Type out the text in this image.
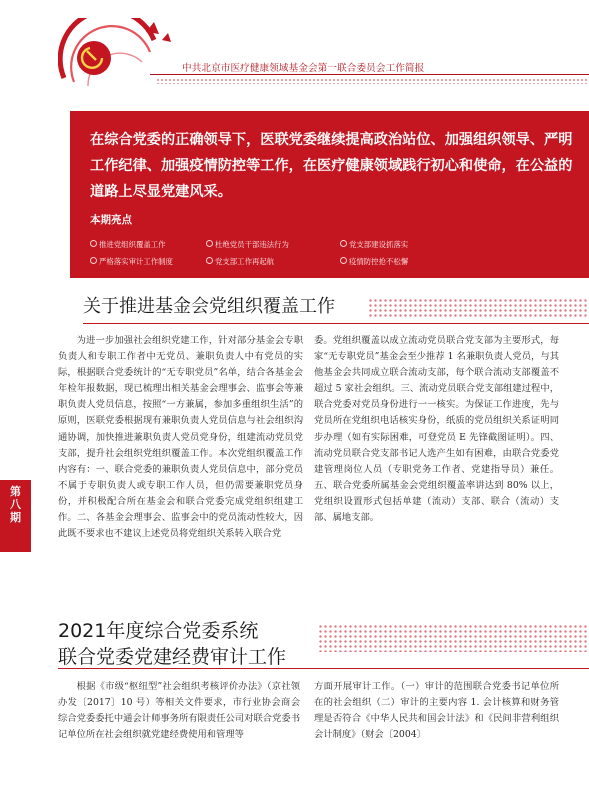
中共北京市医疗健康领域基金会第一联合委员会工作简报
在综合党委的正确领导下，医联党委继续提高政治站位、加强组织领导、严明工作纪律、加强疫情防控等工作，在医疗健康领域践行初心和使命，在公益的道路上尽显党建风采。
本期亮点
推进党组织覆盖工作	杜绝党员干部违法行为	党支部建设抓落实
严格落实审计工作制度	党支部工作再起航	疫情防控抢不松懈
关于推进基金会党组织覆盖工作

为进一步加强社会组织党建工作，针对部分基金会专职负责人和专职工作者中无党员、兼职负责人中有党员的实际，根据联合党委统计的“无专职党员”名单，结合各基金会年检年报数据，现已梳理出相关基金会理事会、监事会等兼职负责人党员信息，按照“一方兼属，参加多重组织生活”的原则，医联党委根据现有兼职负责人党员信息与社会组织沟通协调，加快推进兼职负责人党员党身份，组建流动党员党支部，提升社会组织党组织覆盖工作。本次党组织覆盖工作内容有：一、联合党委的兼职负责人党员信息中，部分党员不属于专职负责人或专职工作人员，但仍需要兼职党员身份，并积极配合所在基金会和联合党委完成党组织组建工作。二、各基金会理事会、监事会中的党员流动性较大，因此既不要求也不建议上述党员将党组织关系转入联合党

委。党组织覆盖以成立流动党员联合党支部为主要形式，每家“无专职党员”基金会至少推荐 1 名兼职负责人党员，与其他基金会共同成立联合流动支部，每个联合流动支部覆盖不超过 5 家社会组织。三、流动党员联合党支部组建过程中，联合党委对党员身份进行一一核实。为保证工作进度，先与党员所在党组织电话核实身份，纸质的党员组织关系证明同步办理（如有实际困难，可登党员 E 先锋截图证明）。四、流动党员联合党支部书记人选产生如有困难，由联合党委党建管理岗位人员（专职党务工作者、党建指导员）兼任。五、联合党委所属基金会党组织覆盖率讲达到 80% 以上，党组织设置形式包括单建（流动）支部、联合（流动）支部、属地支部。

第八期
2021年度综合党委系统
联合党委党建经费审计工作

根据《市级“枢纽型”社会组织考核评价办法》（京社领办发〔2017〕10 号）等相关文件要求，市行业协会商会综合党委委托中通会计师事务所有限责任公司对联合党委书记单位所在社会组织就党建经费使用和管理等

方面开展审计工作。（一）审计的范围联合党委书记单位所在的社会组织（二）审计的主要内容 1. 会计核算和财务管理是否符合《中华人民共和国会计法》和《民间非营利组织会计制度》（财会〔2004〕
